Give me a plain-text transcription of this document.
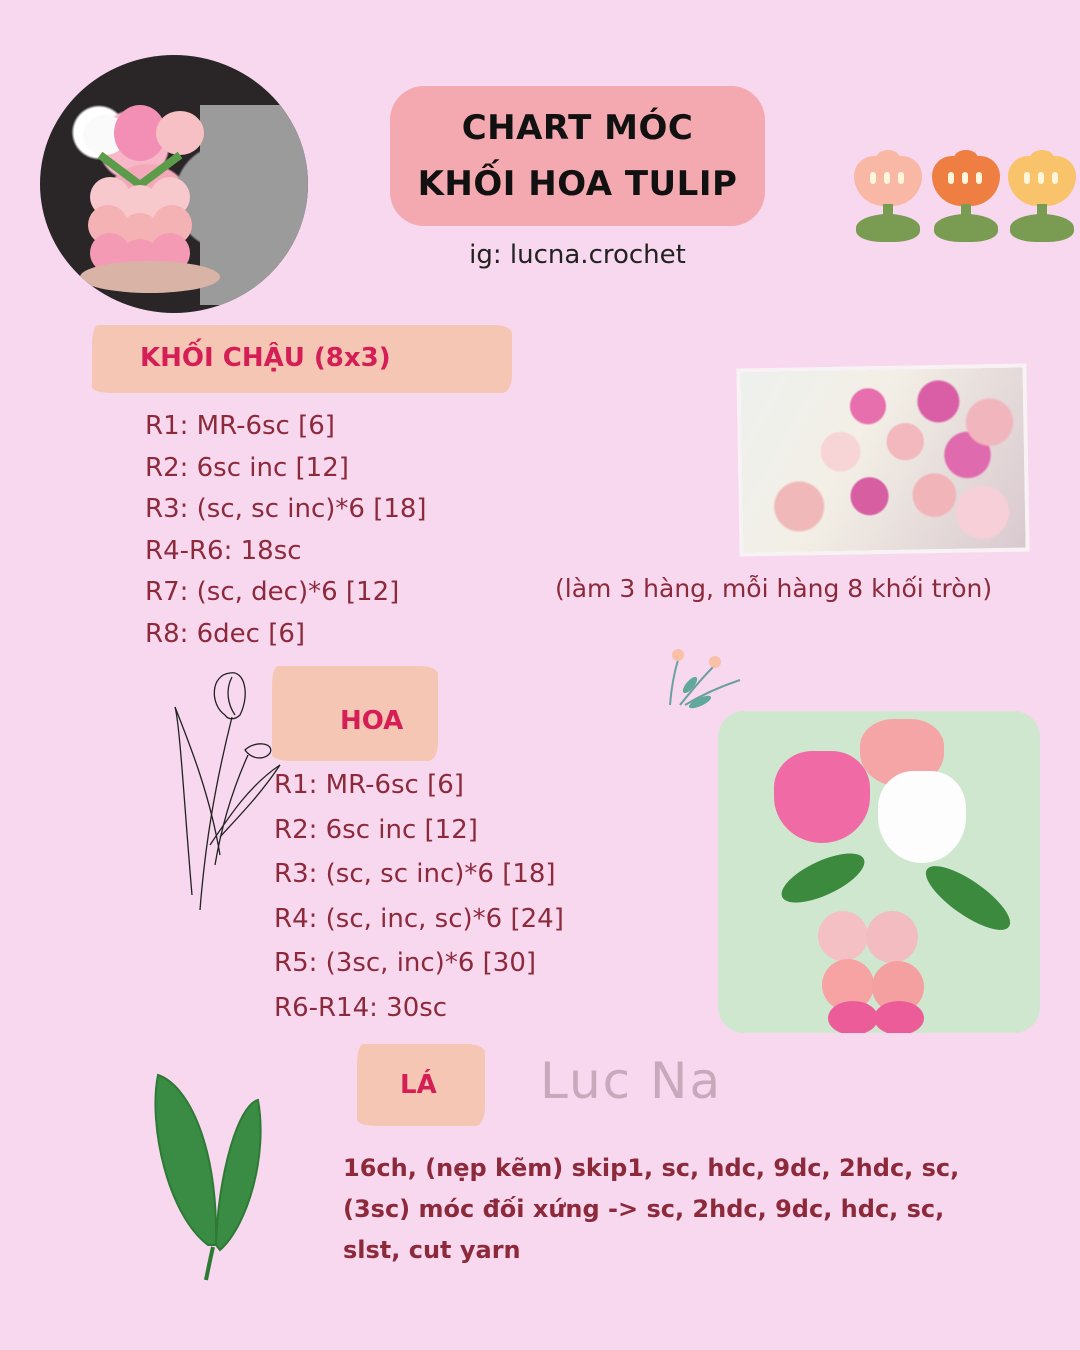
CHART MÓC
KHỐI HOA TULIP
ig: lucna.crochet
KHỐI CHẬU (8x3)
R1: MR-6sc [6]
R2: 6sc inc [12]
R3: (sc, sc inc)*6 [18]
R4-R6: 18sc
R7: (sc, dec)*6 [12]
R8: 6dec [6]
(làm 3 hàng, mỗi hàng 8 khối tròn)
HOA
R1: MR-6sc [6]
R2: 6sc inc [12]
R3: (sc, sc inc)*6 [18]
R4: (sc, inc, sc)*6 [24]
R5: (3sc, inc)*6 [30]
R6-R14: 30sc
LÁ Luc Na
16ch, (nẹp kẽm) skip1, sc, hdc, 9dc, 2hdc, sc, (3sc) móc đối xứng -> sc, 2hdc, 9dc, hdc, sc, slst, cut yarn
